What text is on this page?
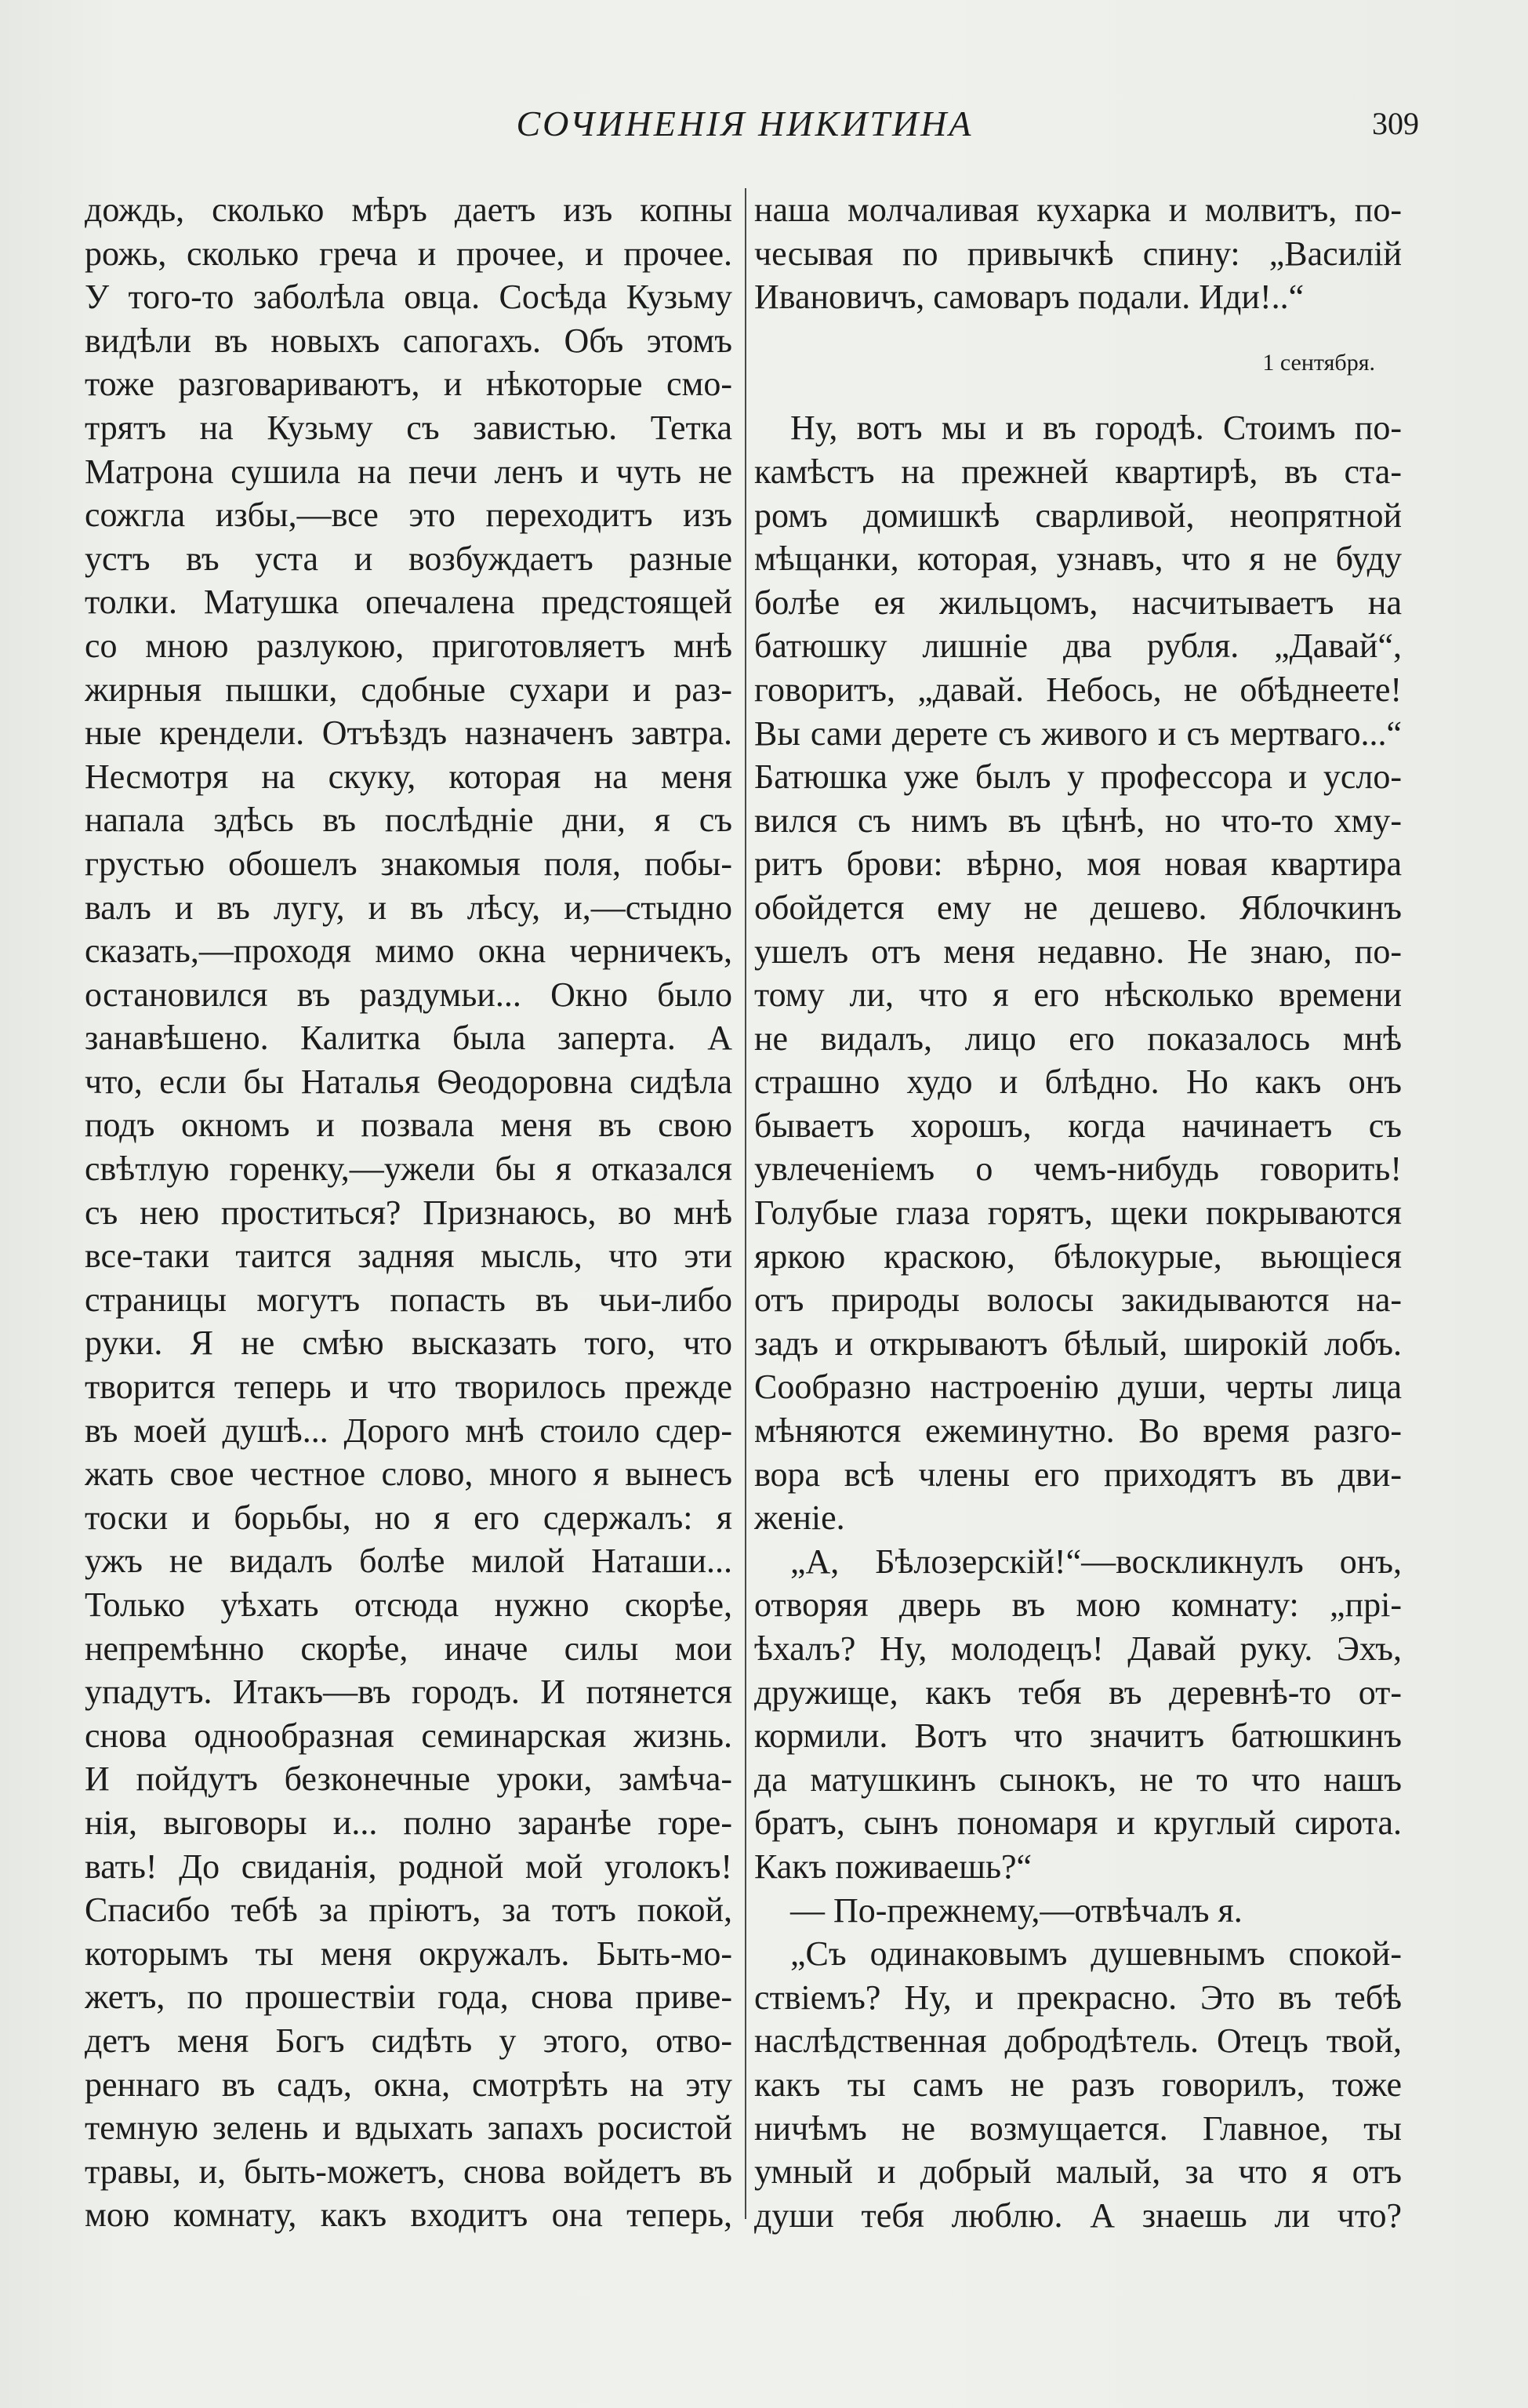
СОЧИНЕНІЯ НИКИТИНА	309
дождь, сколько мѣръ даетъ изъ копны
рожь, сколько греча и прочее, и прочее.
У того-то заболѣла овца. Сосѣда Кузьму
видѣли въ новыхъ сапогахъ. Объ этомъ
тоже разговариваютъ, и нѣкоторые смо-
трятъ на Кузьму съ завистью. Тетка
Матрона сушила на печи ленъ и чуть не
сожгла избы,—все это переходитъ изъ
устъ въ уста и возбуждаетъ разные
толки. Матушка опечалена предстоящей
со мною разлукою, приготовляетъ мнѣ
жирныя пышки, сдобные сухари и раз-
ные крендели. Отъѣздъ назначенъ завтра.
Несмотря на скуку, которая на меня
напала здѣсь въ послѣдніе дни, я съ
грустью обошелъ знакомыя поля, побы-
валъ и въ лугу, и въ лѣсу, и,—стыдно
сказать,—проходя мимо окна черничекъ,
остановился въ раздумьи... Окно было
занавѣшено. Калитка была заперта. А
что, если бы Наталья Ѳеодоровна сидѣла
подъ окномъ и позвала меня въ свою
свѣтлую горенку,—ужели бы я отказался
съ нею проститься? Признаюсь, во мнѣ
все-таки таится задняя мысль, что эти
страницы могутъ попасть въ чьи-либо
руки. Я не смѣю высказать того, что
творится теперь и что творилось прежде
въ моей душѣ... Дорого мнѣ стоило сдер-
жать свое честное слово, много я вынесъ
тоски и борьбы, но я его сдержалъ: я
ужъ не видалъ болѣе милой Наташи...
Только уѣхать отсюда нужно скорѣе,
непремѣнно скорѣе, иначе силы мои
упадутъ. Итакъ—въ городъ. И потянется
снова однообразная семинарская жизнь.
И пойдутъ безконечные уроки, замѣча-
нія, выговоры и... полно заранѣе горе-
вать! До свиданія, родной мой уголокъ!
Спасибо тебѣ за пріютъ, за тотъ покой,
которымъ ты меня окружалъ. Быть-мо-
жетъ, по прошествіи года, снова приве-
детъ меня Богъ сидѣть у этого, отво-
реннаго въ садъ, окна, смотрѣть на эту
темную зелень и вдыхать запахъ росистой
травы, и, быть-можетъ, снова войдетъ въ
мою комнату, какъ входитъ она теперь,
наша молчаливая кухарка и молвитъ, по-
чесывая по привычкѣ спину: „Василій
Ивановичъ, самоваръ подали. Иди!..“
1 сентября.
Ну, вотъ мы и въ городѣ. Стоимъ по-
камѣстъ на прежней квартирѣ, въ ста-
ромъ домишкѣ сварливой, неопрятной
мѣщанки, которая, узнавъ, что я не буду
болѣе ея жильцомъ, насчитываетъ на
батюшку лишніе два рубля. „Давай“,
говоритъ, „давай. Небось, не обѣднеете!
Вы сами дерете съ живого и съ мертваго...“
Батюшка уже былъ у профессора и усло-
вился съ нимъ въ цѣнѣ, но что-то хму-
ритъ брови: вѣрно, моя новая квартира
обойдется ему не дешево. Яблочкинъ
ушелъ отъ меня недавно. Не знаю, по-
тому ли, что я его нѣсколько времени
не видалъ, лицо его показалось мнѣ
страшно худо и блѣдно. Но какъ онъ
бываетъ хорошъ, когда начинаетъ съ
увлеченіемъ о чемъ-нибудь говорить!
Голубые глаза горятъ, щеки покрываются
яркою краскою, бѣлокурые, вьющіеся
отъ природы волосы закидываются на-
задъ и открываютъ бѣлый, широкій лобъ.
Сообразно настроенію души, черты лица
мѣняются ежеминутно. Во время разго-
вора всѣ члены его приходятъ въ дви-
женіе.
„А, Бѣлозерскій!“—воскликнулъ онъ,
отворяя дверь въ мою комнату: „прі-
ѣхалъ? Ну, молодецъ! Давай руку. Эхъ,
дружище, какъ тебя въ деревнѣ-то от-
кормили. Вотъ что значитъ батюшкинъ
да матушкинъ сынокъ, не то что нашъ
братъ, сынъ пономаря и круглый сирота.
Какъ поживаешь?“
— По-прежнему,—отвѣчалъ я.
„Съ одинаковымъ душевнымъ спокой-
ствіемъ? Ну, и прекрасно. Это въ тебѣ
наслѣдственная добродѣтель. Отецъ твой,
какъ ты самъ не разъ говорилъ, тоже
ничѣмъ не возмущается. Главное, ты
умный и добрый малый, за что я отъ
души тебя люблю. А знаешь ли что?
